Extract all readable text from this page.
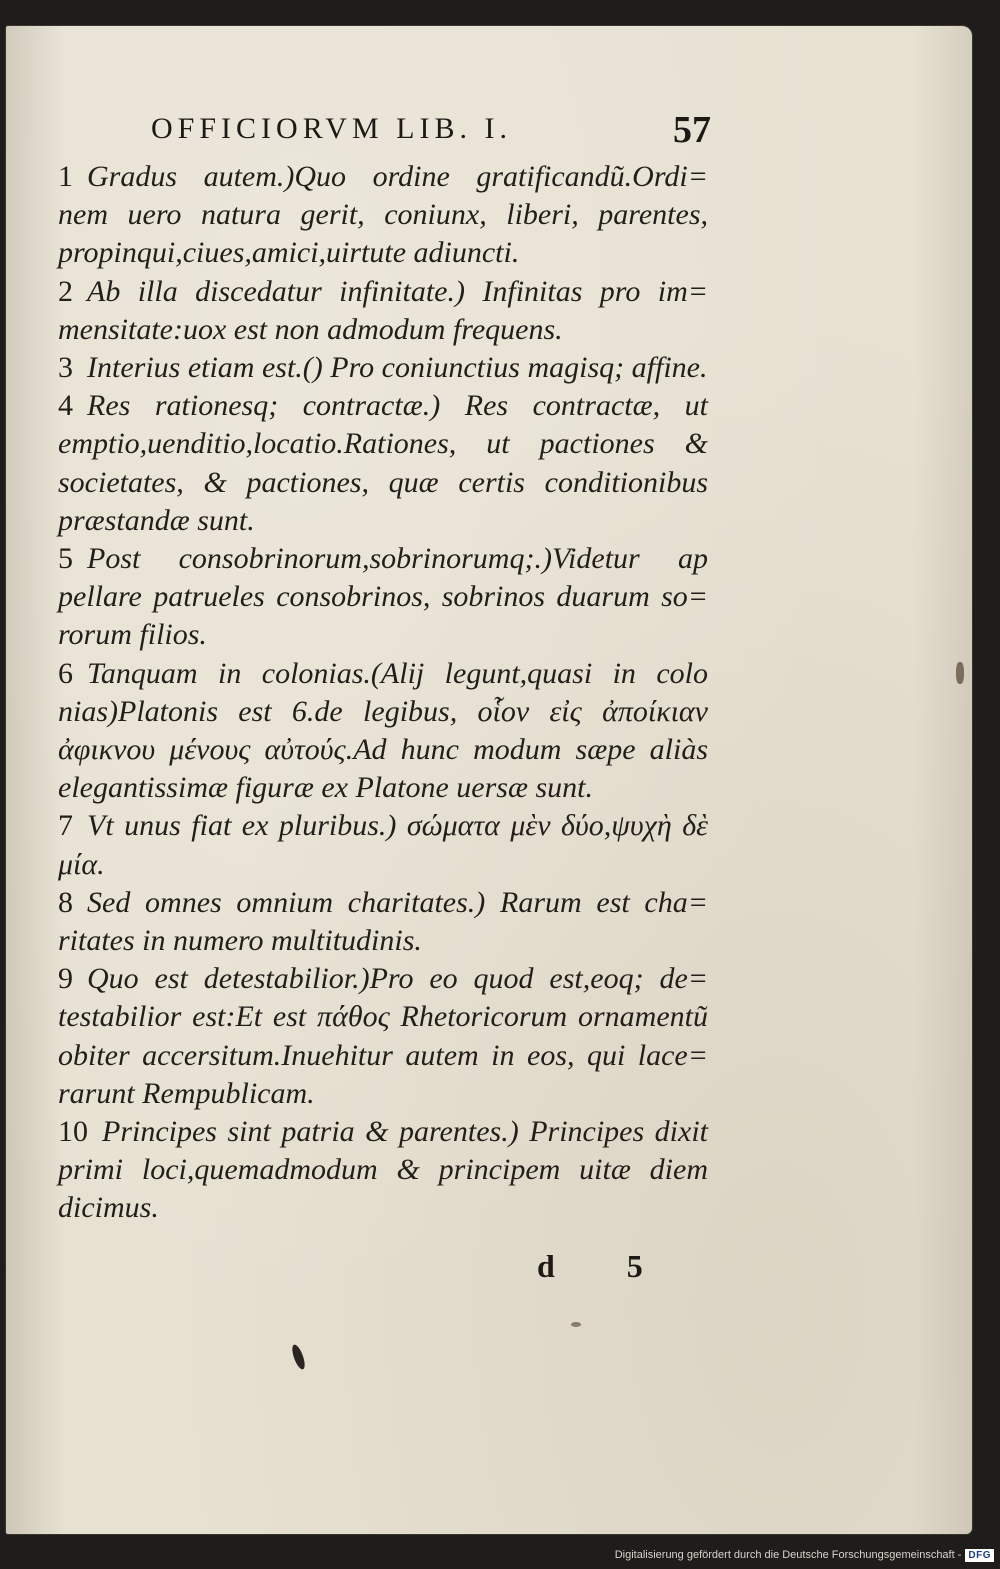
OFFICIORVM LIB. I.	57

1 Gradus autem.)Quo ordine gratificandũ.Ordi= nem uero natura gerit, coniunx, liberi, parentes, propinqui,ciues,amici,uirtute adiuncti.

2 Ab illa discedatur infinitate.) Infinitas pro im= mensitate:uox est non admodum frequens.

3 Interius etiam est.() Pro coniunctius magisq; affine.

4 Res rationesq; contractæ.) Res contractæ, ut emptio,uenditio,locatio.Rationes, ut pactiones & societates, & pactiones, quæ certis conditionibus præstandæ sunt.

5 Post consobrinorum,sobrinorumq;.)Videtur ap pellare patrueles consobrinos, sobrinos duarum so= rorum filios.

6 Tanquam in colonias.(Alij legunt,quasi in colo nias)Platonis est 6.de legibus, οἷον εἰς ἀποίκιαν ἀφικνου μένους αὐτούς.Ad hunc modum sæpe aliàs elegantissimæ figuræ ex Platone uersæ sunt.

7 Vt unus fiat ex pluribus.) σώματα μὲν δύο,ψυχὴ δὲ μία.

8 Sed omnes omnium charitates.) Rarum est cha= ritates in numero multitudinis.

9 Quo est detestabilior.)Pro eo quod est,eoq; de= testabilior est:Et est πάθος Rhetoricorum ornamentũ obiter accersitum.Inuehitur autem in eos, qui lace= rarunt Rempublicam.

10 Principes sint patria & parentes.) Principes dixit primi loci,quemadmodum & principem uitæ diem dicimus.

d 5
Digitalisierung gefördert durch die Deutsche Forschungsgemeinschaft - DFG
